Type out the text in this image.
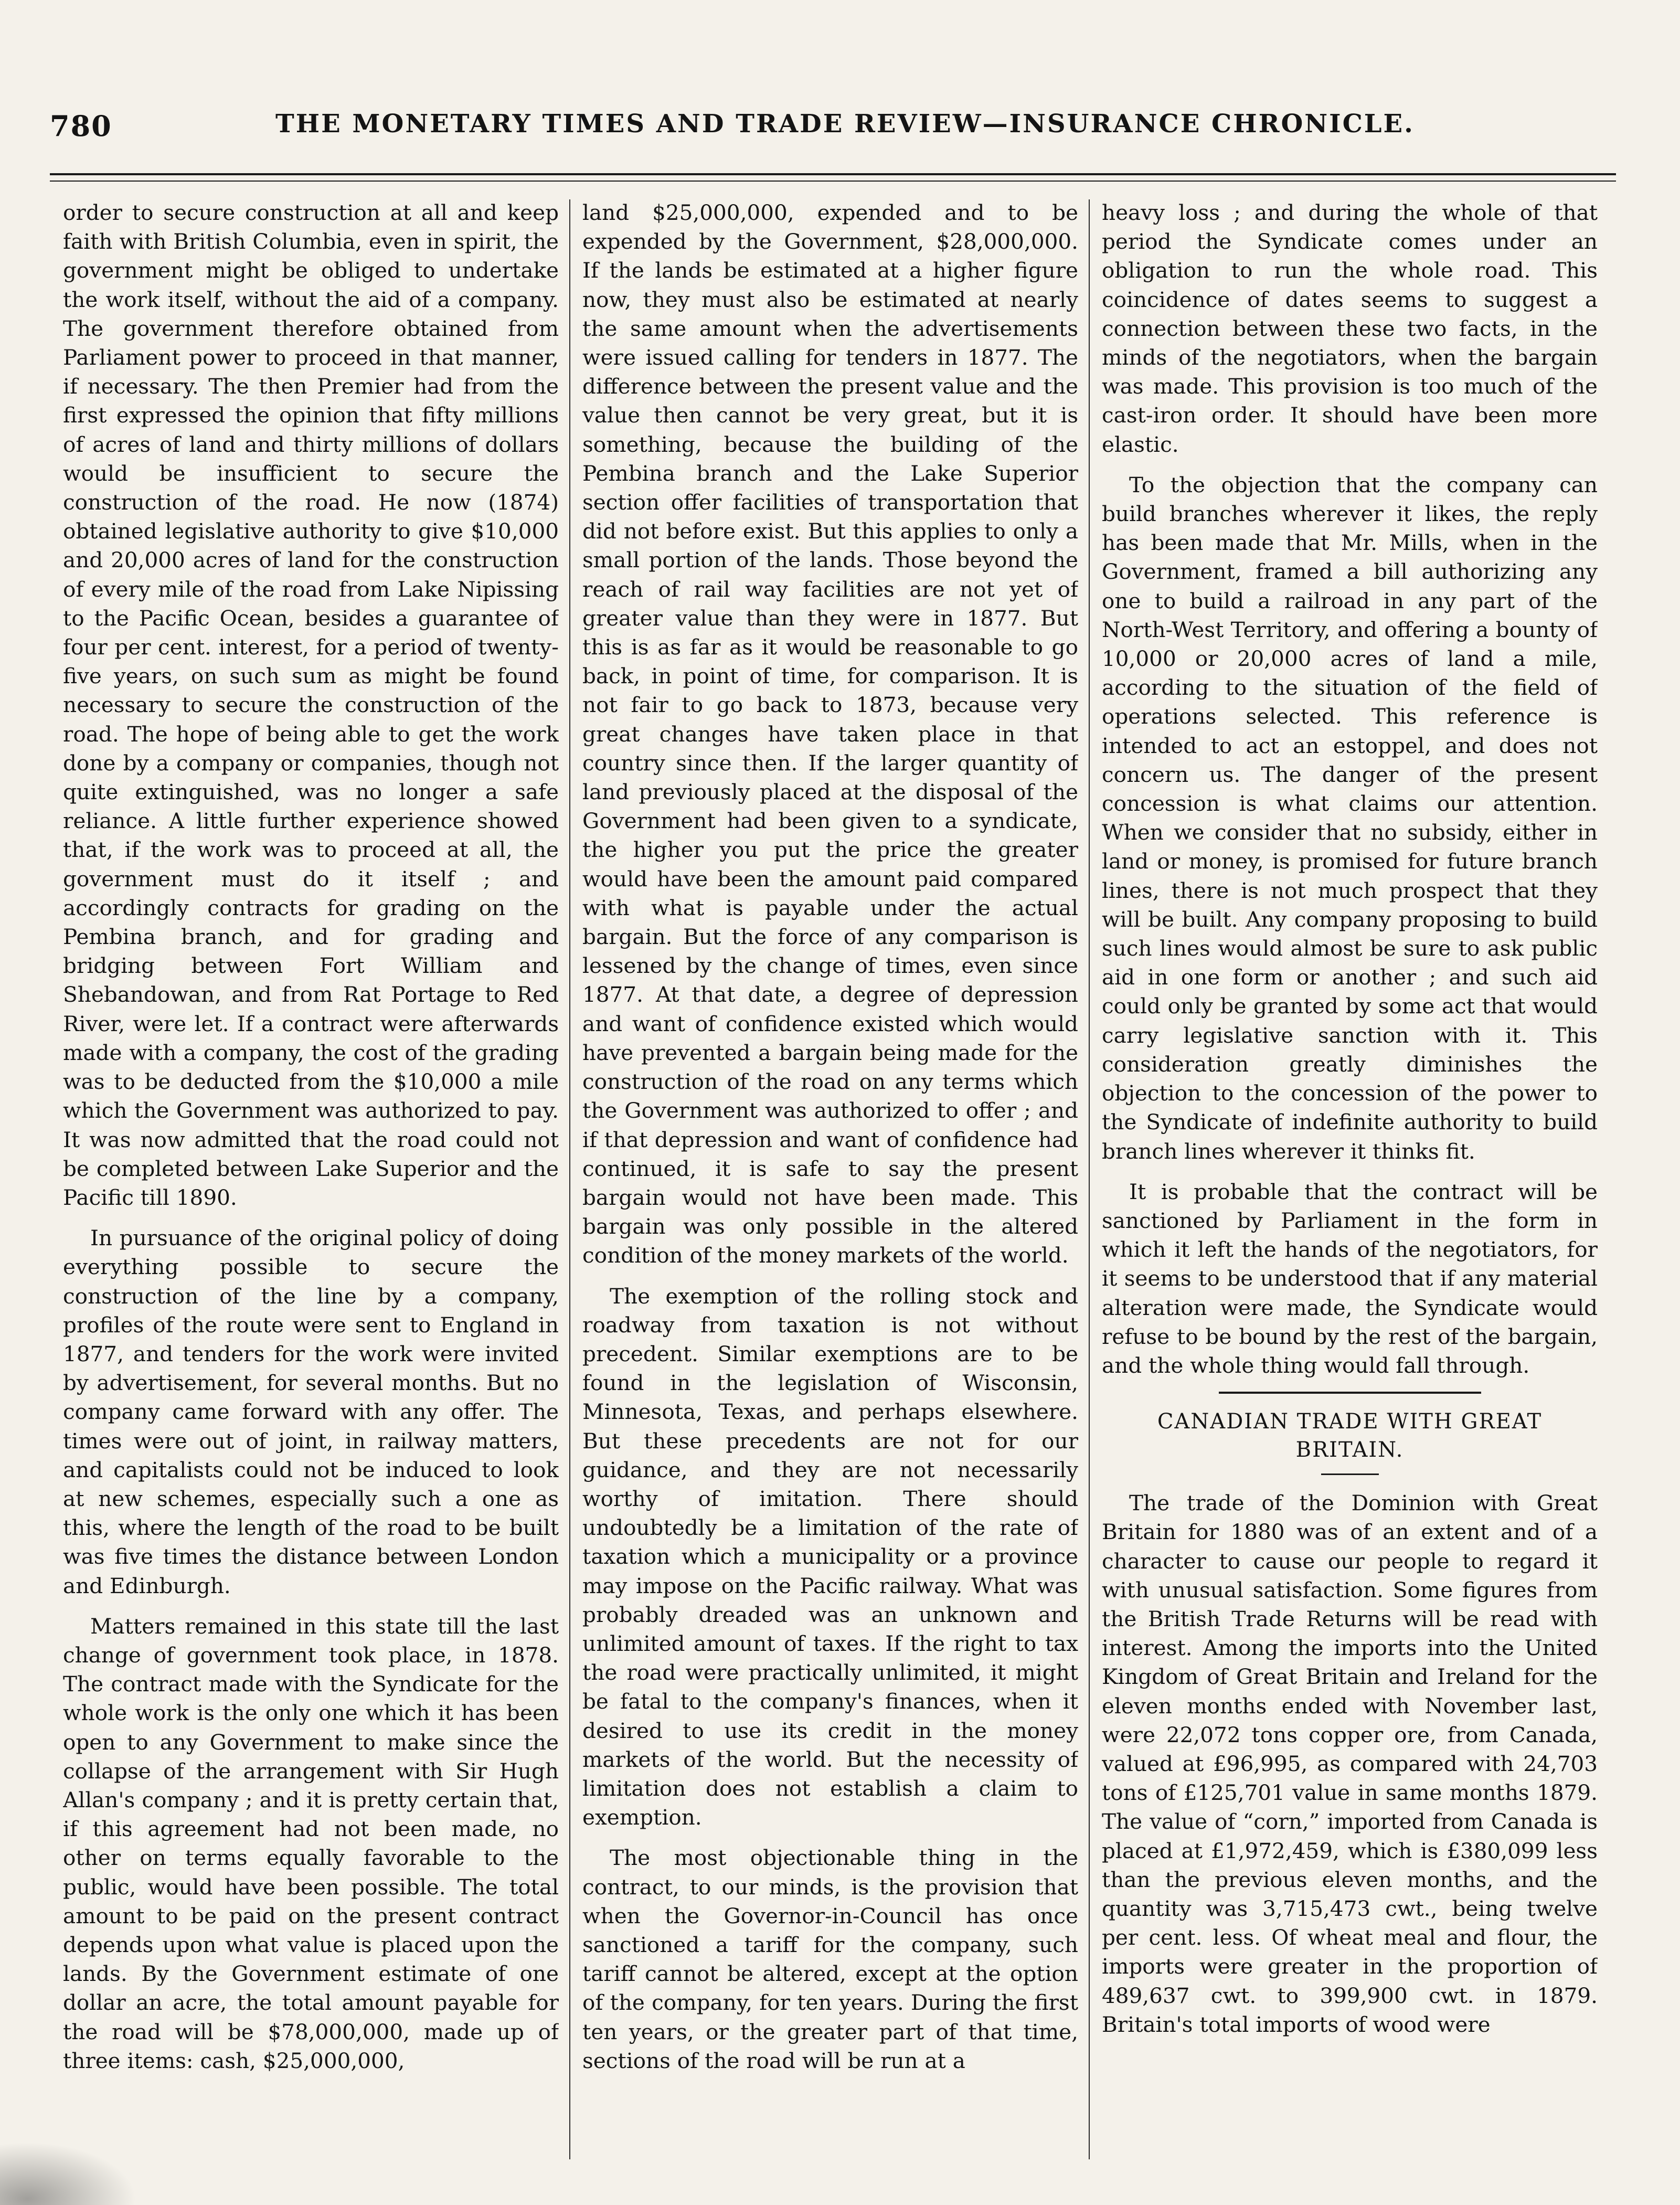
780	THE MONETARY TIMES AND TRADE REVIEW—INSURANCE CHRONICLE.

order to secure construction at all and keep faith with British Columbia, even in spirit, the government might be obliged to undertake the work itself, without the aid of a company. The government therefore obtained from Parliament power to proceed in that manner, if necessary. The then Premier had from the first expressed the opinion that fifty millions of acres of land and thirty millions of dollars would be insufficient to secure the construction of the road. He now (1874) obtained legislative authority to give $10,000 and 20,000 acres of land for the construction of every mile of the road from Lake Nipissing to the Pacific Ocean, besides a guarantee of four per cent. interest, for a period of twenty-five years, on such sum as might be found necessary to secure the construction of the road. The hope of being able to get the work done by a company or companies, though not quite extinguished, was no longer a safe reliance. A little further experience showed that, if the work was to proceed at all, the government must do it itself ; and accordingly contracts for grading on the Pembina branch, and for grading and bridging between Fort William and Shebandowan, and from Rat Portage to Red River, were let. If a contract were afterwards made with a company, the cost of the grading was to be deducted from the $10,000 a mile which the Government was authorized to pay. It was now admitted that the road could not be completed between Lake Superior and the Pacific till 1890.

In pursuance of the original policy of doing everything possible to secure the construction of the line by a company, profiles of the route were sent to England in 1877, and tenders for the work were invited by advertisement, for several months. But no company came forward with any offer. The times were out of joint, in railway matters, and capitalists could not be induced to look at new schemes, especially such a one as this, where the length of the road to be built was five times the distance between London and Edinburgh.

Matters remained in this state till the last change of government took place, in 1878. The contract made with the Syndicate for the whole work is the only one which it has been open to any Government to make since the collapse of the arrangement with Sir Hugh Allan's company ; and it is pretty certain that, if this agreement had not been made, no other on terms equally favorable to the public, would have been possible. The total amount to be paid on the present contract depends upon what value is placed upon the lands. By the Government estimate of one dollar an acre, the total amount payable for the road will be $78,000,000, made up of three items: cash, $25,000,000,

land $25,000,000, expended and to be expended by the Government, $28,000,000. If the lands be estimated at a higher figure now, they must also be estimated at nearly the same amount when the advertisements were issued calling for tenders in 1877. The difference between the present value and the value then cannot be very great, but it is something, because the building of the Pembina branch and the Lake Superior section offer facilities of transportation that did not before exist. But this applies to only a small portion of the lands. Those beyond the reach of rail way facilities are not yet of greater value than they were in 1877. But this is as far as it would be reasonable to go back, in point of time, for comparison. It is not fair to go back to 1873, because very great changes have taken place in that country since then. If the larger quantity of land previously placed at the disposal of the Government had been given to a syndicate, the higher you put the price the greater would have been the amount paid compared with what is payable under the actual bargain. But the force of any comparison is lessened by the change of times, even since 1877. At that date, a degree of depression and want of confidence existed which would have prevented a bargain being made for the construction of the road on any terms which the Government was authorized to offer ; and if that depression and want of confidence had continued, it is safe to say the present bargain would not have been made. This bargain was only possible in the altered condition of the money markets of the world.

The exemption of the rolling stock and roadway from taxation is not without precedent. Similar exemptions are to be found in the legislation of Wisconsin, Minnesota, Texas, and perhaps elsewhere. But these precedents are not for our guidance, and they are not necessarily worthy of imitation. There should undoubtedly be a limitation of the rate of taxation which a municipality or a province may impose on the Pacific railway. What was probably dreaded was an unknown and unlimited amount of taxes. If the right to tax the road were practically unlimited, it might be fatal to the company's finances, when it desired to use its credit in the money markets of the world. But the necessity of limitation does not establish a claim to exemption.

The most objectionable thing in the contract, to our minds, is the provision that when the Governor-in-Council has once sanctioned a tariff for the company, such tariff cannot be altered, except at the option of the company, for ten years. During the first ten years, or the greater part of that time, sections of the road will be run at a

heavy loss ; and during the whole of that period the Syndicate comes under an obligation to run the whole road. This coincidence of dates seems to suggest a connection between these two facts, in the minds of the negotiators, when the bargain was made. This provision is too much of the cast-iron order. It should have been more elastic.

To the objection that the company can build branches wherever it likes, the reply has been made that Mr. Mills, when in the Government, framed a bill authorizing any one to build a railroad in any part of the North-West Territory, and offering a bounty of 10,000 or 20,000 acres of land a mile, according to the situation of the field of operations selected. This reference is intended to act an estoppel, and does not concern us. The danger of the present concession is what claims our attention. When we consider that no subsidy, either in land or money, is promised for future branch lines, there is not much prospect that they will be built. Any company proposing to build such lines would almost be sure to ask public aid in one form or another ; and such aid could only be granted by some act that would carry legislative sanction with it. This consideration greatly diminishes the objection to the concession of the power to the Syndicate of indefinite authority to build branch lines wherever it thinks fit.

It is probable that the contract will be sanctioned by Parliament in the form in which it left the hands of the negotiators, for it seems to be understood that if any material alteration were made, the Syndicate would refuse to be bound by the rest of the bargain, and the whole thing would fall through.

CANADIAN TRADE WITH GREAT
BRITAIN.

The trade of the Dominion with Great Britain for 1880 was of an extent and of a character to cause our people to regard it with unusual satisfaction. Some figures from the British Trade Returns will be read with interest. Among the imports into the United Kingdom of Great Britain and Ireland for the eleven months ended with November last, were 22,072 tons copper ore, from Canada, valued at £96,995, as compared with 24,703 tons of £125,701 value in same months 1879. The value of “corn,” imported from Canada is placed at £1,972,459, which is £380,099 less than the previous eleven months, and the quantity was 3,715,473 cwt., being twelve per cent. less. Of wheat meal and flour, the imports were greater in the proportion of 489,637 cwt. to 399,900 cwt. in 1879. Britain's total imports of wood were
